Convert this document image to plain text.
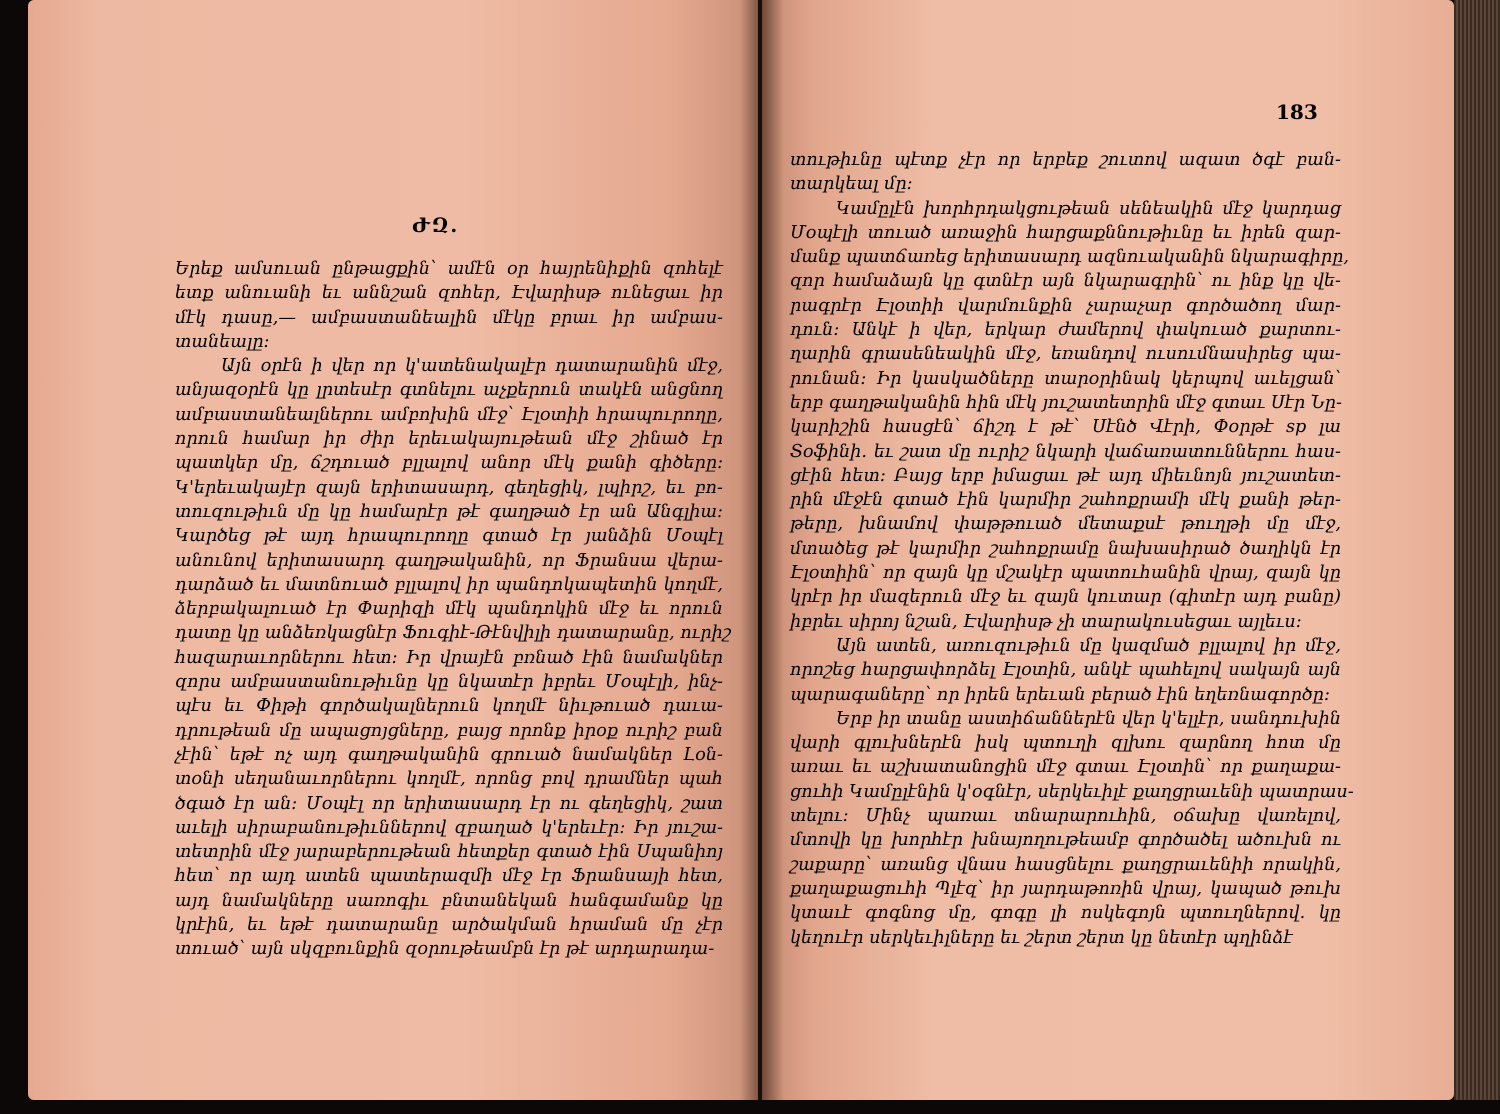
ԺԶ.
Երեք ամսուան ընթացքին՝ ամէն օր հայրենիքին զոհելէ
ետք անուանի եւ աննշան զոհեր, Էվարիսթ ունեցաւ իր
մէկ դասը,— ամբաստանեալին մէկը բրաւ իր ամբաս-
տանեալը:
Այն օրէն ի վեր որ կ'ատենակալէր դատարանին մէջ,
անյազօրէն կը լրտեսէր գտնելու աչքերուն տակէն անցնող
ամբաստանեալներու ամբոխին մէջ՝ Էլօտիի հրապուրողը,
որուն համար իր ժիր երեւակայութեան մէջ շինած էր
պատկեր մը, ճշդուած բլլալով անոր մէկ քանի գիծերը:
Կ'երեւակայէր զայն երիտասարդ, գեղեցիկ, լպիրշ, եւ բո-
տուզութիւն մը կը համարէր թէ գաղթած էր ան Անգլիա:
Կարծեց թէ այդ հրապուրողը գտած էր յանձին Մօպէլ
անունով երիտասարդ գաղթականին, որ Ֆրանսա վերա-
դարձած եւ մատնուած բլլալով իր պանդոկապետին կողմէ,
ձերբակալուած էր Փարիզի մէկ պանդոկին մէջ եւ որուն
դատը կը անձեռկացնէր Ֆուգիէ-Թէնվիլի դատարանը, ուրիշ
հազարաւորներու հետ: Իր վրայէն բռնած էին նամակներ
զորս ամբաստանութիւնը կը նկատէր իբրեւ Մօպէլի, ինչ-
պէս եւ Փիթի գործակալներուն կողմէ նիւթուած դաւա-
դրութեան մը ապացոյցները, բայց որոնք իրօք ուրիշ բան
չէին՝ եթէ ոչ այդ գաղթականին գրուած նամակներ Լօն-
տօնի սեղանաւորներու կողմէ, որոնց բով դրամներ պահ
ծգած էր ան: Մօպէլ որ երիտասարդ էր ու գեղեցիկ, շատ
աւելի սիրաբանութիւններով զբաղած կ'երեւէր: Իր յուշա-
տետրին մէջ յարաբերութեան հետքեր գտած էին Սպանիոյ
հետ՝ որ այդ ատեն պատերազմի մէջ էր Ֆրանսայի հետ,
այդ նամակները սառոգիւ բնտանեկան հանգամանք կը
կրէին, եւ եթէ դատարանը արծակման հրաման մը չէր
տուած՝ այն սկզբունքին զօրութեամբն էր թէ արդարադա-
183
տութիւնը պէտք չէր որ երբեք շուտով ազատ ծգէ բան-
տարկեալ մը:
Կամըլէն խորհրդակցութեան սենեակին մէջ կարդաց
Մօպէլի տուած առաջին հարցաքննութիւնը եւ իրեն զար-
մանք պատճառեց երիտասարդ ազնուականին նկարագիրը,
զոր համաձայն կը գտնէր այն նկարագրին՝ ու ինք կը վե-
րագրէր Էլօտիի վարմունքին չարաչար գործածող մար-
դուն: Անկէ ի վեր, երկար ժամերով փակուած քարտու-
ղարին գրասենեակին մէջ, եռանդով ուսումնասիրեց պա-
րունան: Իր կասկածները տարօրինակ կերպով աւելցան՝
երբ գաղթականին հին մէկ յուշատետրին մէջ գտաւ Սէր Նը-
կարիշին հասցէն՝ ճիշդ է թէ՝ Սէնծ Վէրի, Փօրթէ sp լա
Տօֆինի. եւ շատ մը ուրիշ նկարի վաճառատուններու հաս-
ցէին հետ: Բայց երբ իմացաւ թէ այդ միեւնոյն յուշատետ-
րին մէջէն գտած էին կարմիր շահոքրամի մէկ քանի թեր-
թերը, խնամով փաթթուած մետաքսէ թուղթի մը մէջ,
մտածեց թէ կարմիր շահոքրամը նախասիրած ծաղիկն էր
Էլօտիին՝ որ զայն կը մշակէր պատուհանին վրայ, զայն կը
կրէր իր մազերուն մէջ եւ զայն կուտար (գիտէր այդ բանը)
իբրեւ սիրոյ նշան, Էվարիսթ չի տարակուսեցաւ այլեւս:
Այն ատեն, առուզութիւն մը կազմած բլլալով իր մէջ,
որոշեց հարցափորձել Էլօտին, անկէ պահելով սակայն այն
պարագաները՝ որ իրեն երեւան բերած էին եղեռնագործը:
Երբ իր տանը աստիճաններէն վեր կ'ելլէր, սանդուխին
վարի գլուխներէն իսկ պտուղի զլխու զարնող հոտ մը
առաւ եւ աշխատանոցին մէջ գտաւ Էլօտին՝ որ քաղաքա-
ցուհի Կամըլէնին կ'օգնէր, սերկեւիլէ քաղցրաւենի պատրաս-
տելու: Մինչ պառաւ տնարարուհին, օճախը վառելով,
մտովի կը խորհէր խնայողութեամբ գործածել ածուխն ու
շաքարը՝ առանց վնաս հասցնելու քաղցրաւենիի որակին,
քաղաքացուհի Պլէզ՝ իր յարդաթոռին վրայ, կապած թուխ
կտաւէ գոգնոց մը, գոգը լի ոսկեգոյն պտուղներով. կը
կեղուէր սերկեւիլները եւ շերտ շերտ կը նետէր պղինձէ
